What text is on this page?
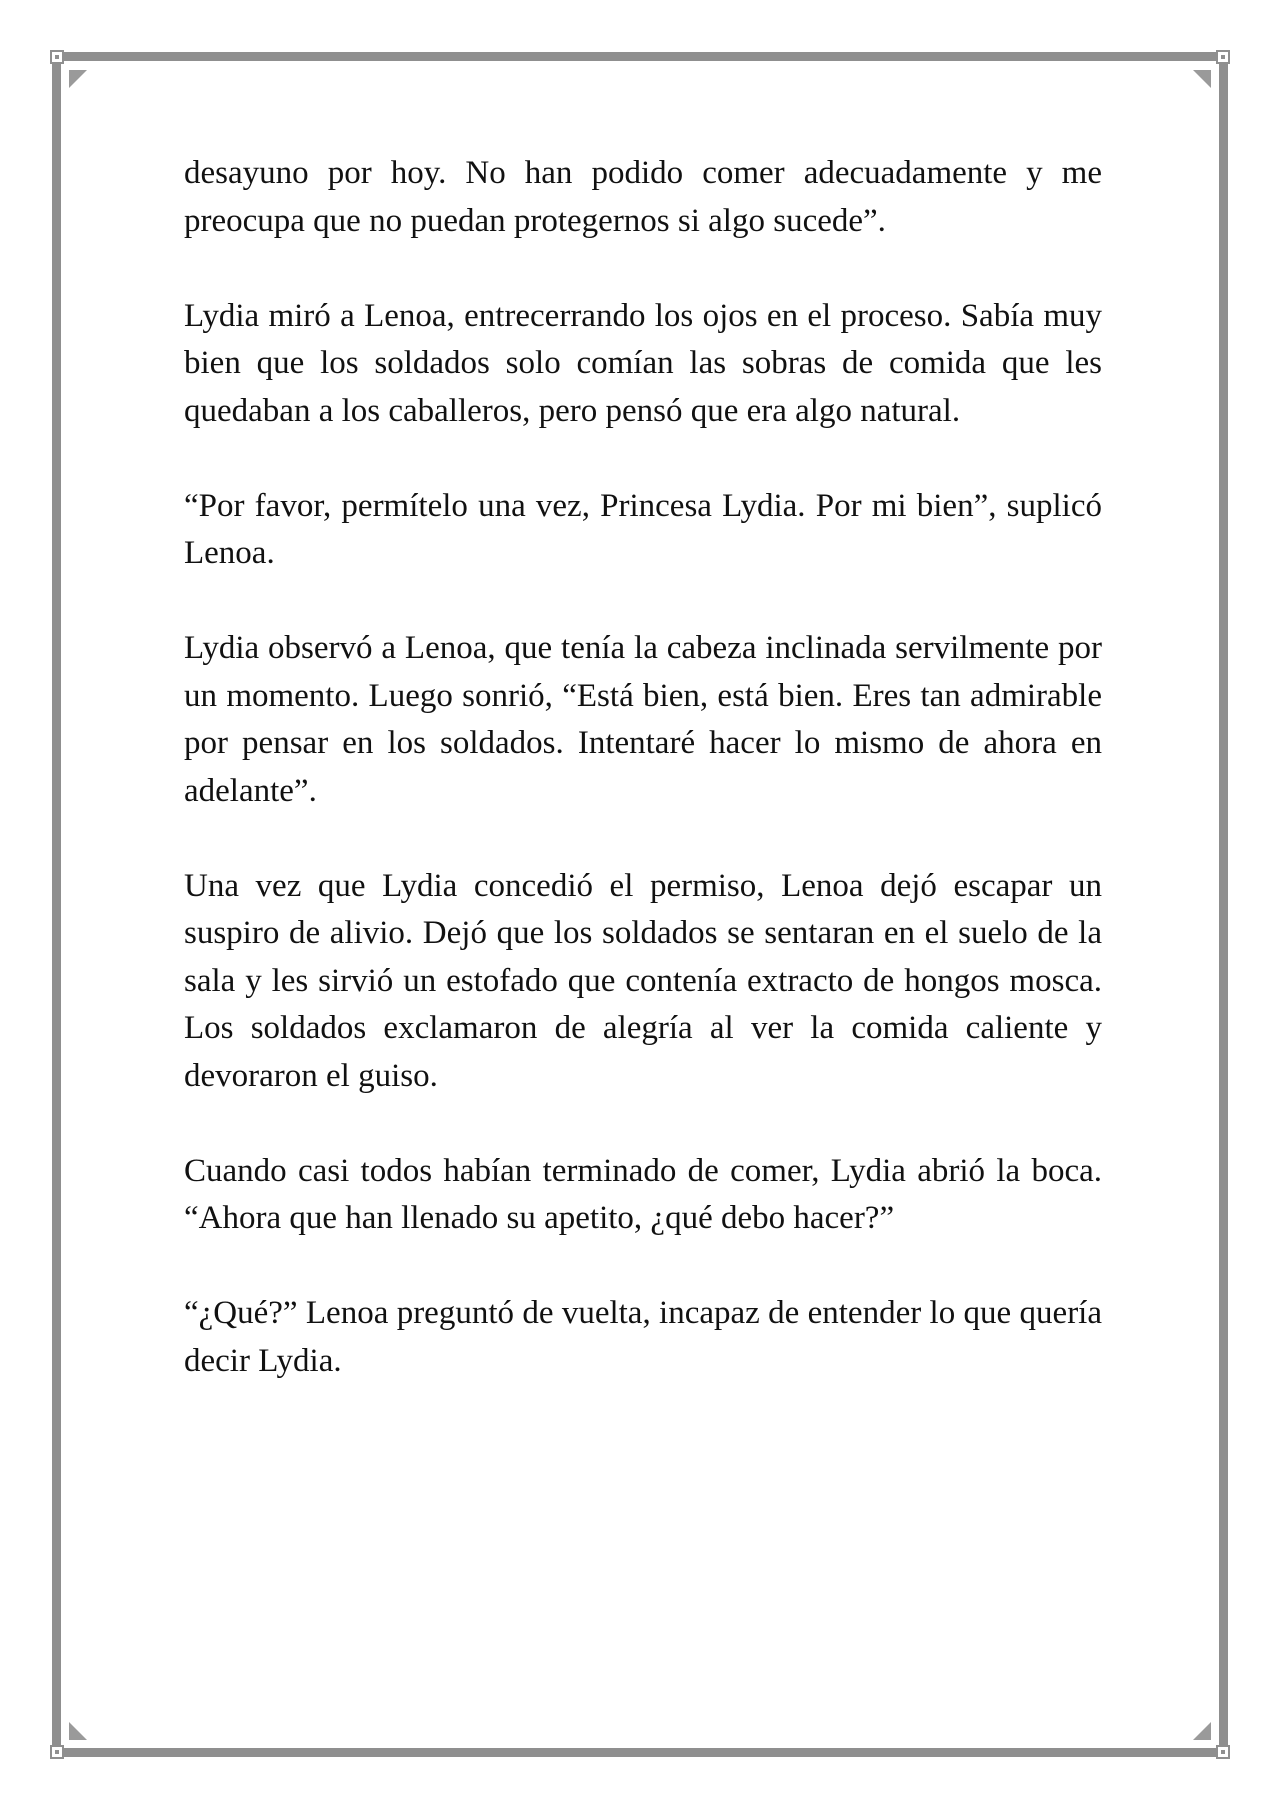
desayuno por hoy. No han podido comer adecuadamente y me preocupa que no puedan protegernos si algo sucede”.

Lydia miró a Lenoa, entrecerrando los ojos en el proceso. Sabía muy bien que los soldados solo comían las sobras de comida que les quedaban a los caballeros, pero pensó que era algo natural.

“Por favor, permítelo una vez, Princesa Lydia. Por mi bien”, suplicó Lenoa.

Lydia observó a Lenoa, que tenía la cabeza inclinada servilmente por un momento. Luego sonrió, “Está bien, está bien. Eres tan admirable por pensar en los soldados. Intentaré hacer lo mismo de ahora en adelante”.

Una vez que Lydia concedió el permiso, Lenoa dejó escapar un suspiro de alivio. Dejó que los soldados se sentaran en el suelo de la sala y les sirvió un estofado que contenía extracto de hongos mosca. Los soldados exclamaron de alegría al ver la comida caliente y devoraron el guiso.

Cuando casi todos habían terminado de comer, Lydia abrió la boca. “Ahora que han llenado su apetito, ¿qué debo hacer?”

“¿Qué?” Lenoa preguntó de vuelta, incapaz de entender lo que quería decir Lydia.
